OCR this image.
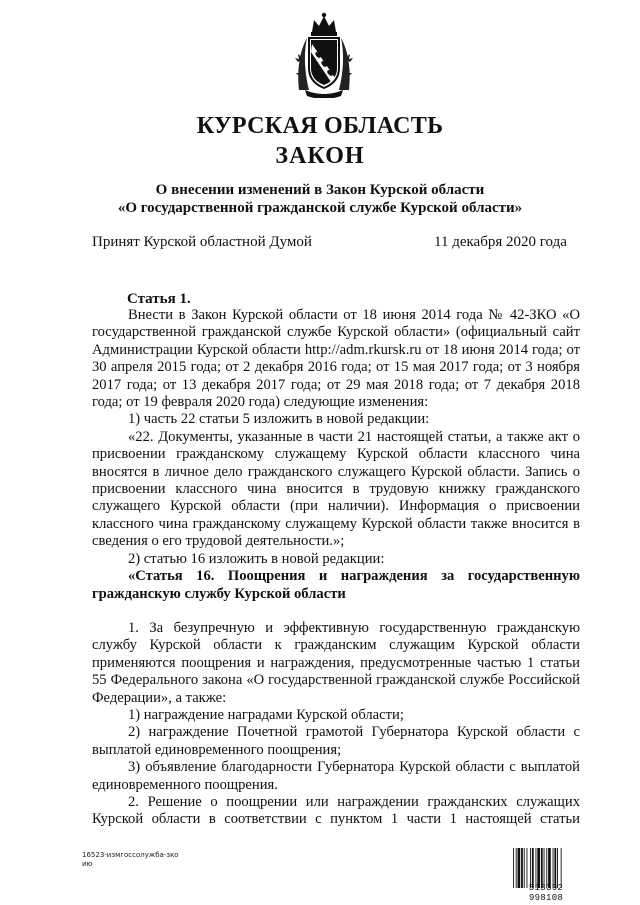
КУРСКАЯ ОБЛАСТЬ
ЗАКОН
О внесении изменений в Закон Курской области
«О государственной гражданской службе Курской области»
Принят Курской областной Думой	11 декабря 2020 года
Статья 1.

Внести в Закон Курской области от 18 июня 2014 года № 42-ЗКО «О государственной гражданской службе Курской области» (официальный сайт Администрации Курской области http://adm.rkursk.ru от 18 июня 2014 года; от 30 апреля 2015 года; от 2 декабря 2016 года; от 15 мая 2017 года; от 3 ноября 2017 года; от 13 декабря 2017 года; от 29 мая 2018 года; от 7 декабря 2018 года; от 19 февраля 2020 года) следующие изменения:

1) часть 22 статьи 5 изложить в новой редакции:

«22. Документы, указанные в части 21 настоящей статьи, а также акт о присвоении гражданскому служащему Курской области классного чина вносятся в личное дело гражданского служащего Курской области. Запись о присвоении классного чина вносится в трудовую книжку гражданского служащего Курской области (при наличии). Информация о присвоении классного чина гражданскому служащему Курской области также вносится в сведения о его трудовой деятельности.»;

2) статью 16 изложить в новой редакции:

«Статья 16. Поощрения и награждения за государственную гражданскую службу Курской области

1. За безупречную и эффективную государственную гражданскую службу Курской области к гражданским служащим Курской области применяются поощрения и награждения, предусмотренные частью 1 статьи 55 Федерального закона «О государственной гражданской службе Российской Федерации», а также:

1) награждение наградами Курской области;

2) награждение Почетной грамотой Губернатора Курской области с выплатой единовременного поощрения;

3) объявление благодарности Губернатора Курской области с выплатой единовременного поощрения.

2. Решение о поощрении или награждении гражданских служащих Курской области в соответствии с пунктом 1 части 1 настоящей статьи

16523-измгоссолужба-зко
ию
513392 998108
